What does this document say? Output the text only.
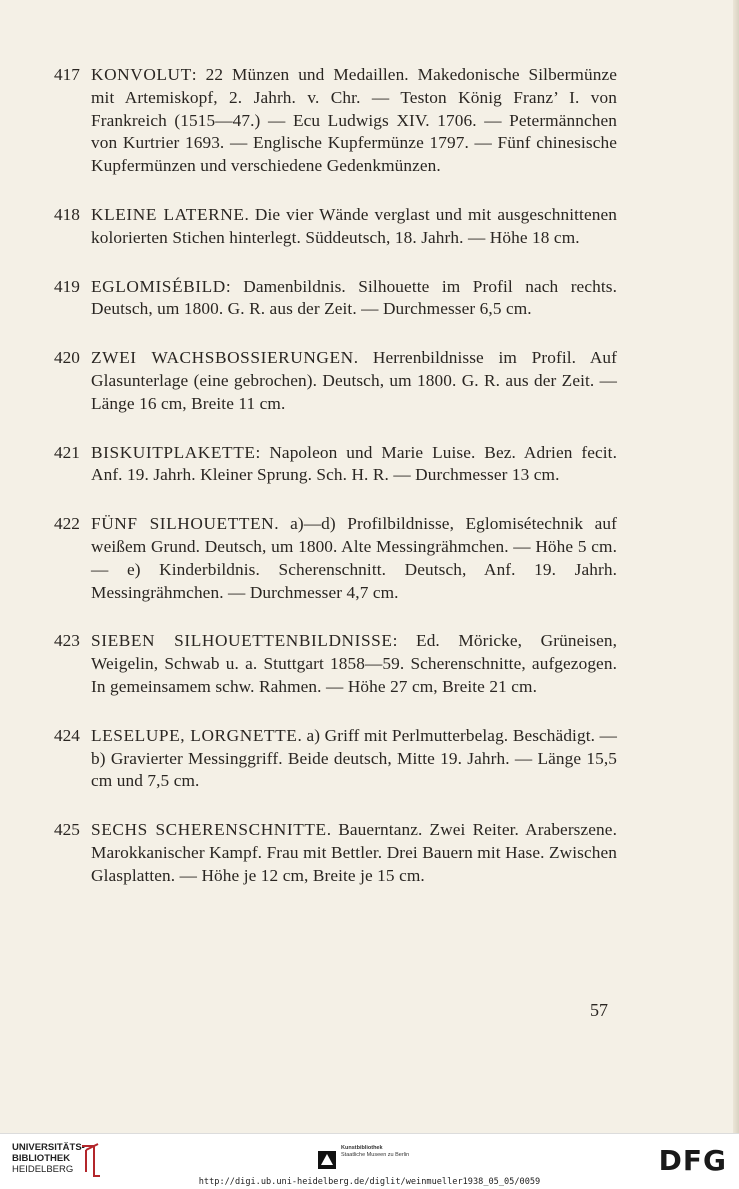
417 KONVOLUT: 22 Münzen und Medaillen. Makedonische Silbermünze mit Artemiskopf, 2. Jahrh. v. Chr. — Teston König Franz’ I. von Frankreich (1515—47.) — Ecu Ludwigs XIV. 1706. — Petermännchen von Kurtrier 1693. — Englische Kupfermünze 1797. — Fünf chinesische Kupfermünzen und verschiedene Gedenkmünzen.

418 KLEINE LATERNE. Die vier Wände verglast und mit ausgeschnittenen kolorierten Stichen hinterlegt. Süddeutsch, 18. Jahrh. — Höhe 18 cm.

419 EGLOMISÉBILD: Damenbildnis. Silhouette im Profil nach rechts. Deutsch, um 1800. G. R. aus der Zeit. — Durchmesser 6,5 cm.

420 ZWEI WACHSBOSSIERUNGEN. Herrenbildnisse im Profil. Auf Glasunterlage (eine gebrochen). Deutsch, um 1800. G. R. aus der Zeit. — Länge 16 cm, Breite 11 cm.

421 BISKUITPLAKETTE: Napoleon und Marie Luise. Bez. Adrien fecit. Anf. 19. Jahrh. Kleiner Sprung. Sch. H. R. — Durchmesser 13 cm.

422 FÜNF SILHOUETTEN. a)—d) Profilbildnisse, Eglomisétechnik auf weißem Grund. Deutsch, um 1800. Alte Messingrähmchen. — Höhe 5 cm. — e) Kinderbildnis. Scherenschnitt. Deutsch, Anf. 19. Jahrh. Messingrähmchen. — Durchmesser 4,7 cm.

423 SIEBEN SILHOUETTENBILDNISSE: Ed. Möricke, Grüneisen, Weigelin, Schwab u. a. Stuttgart 1858—59. Scherenschnitte, aufgezogen. In gemeinsamem schw. Rahmen. — Höhe 27 cm, Breite 21 cm.

424 LESELUPE, LORGNETTE. a) Griff mit Perlmutterbelag. Beschädigt. — b) Gravierter Messinggriff. Beide deutsch, Mitte 19. Jahrh. — Länge 15,5 cm und 7,5 cm.

425 SECHS SCHERENSCHNITTE. Bauerntanz. Zwei Reiter. Araberszene. Marokkanischer Kampf. Frau mit Bettler. Drei Bauern mit Hase. Zwischen Glasplatten. — Höhe je 12 cm, Breite je 15 cm.

57
UNIVERSITÄTS-
BIBLIOTHEK
HEIDELBERG
Kunstbibliothek
Staatliche Museen zu Berlin	DFG
http://digi.ub.uni-heidelberg.de/diglit/weinmueller1938_05_05/0059
